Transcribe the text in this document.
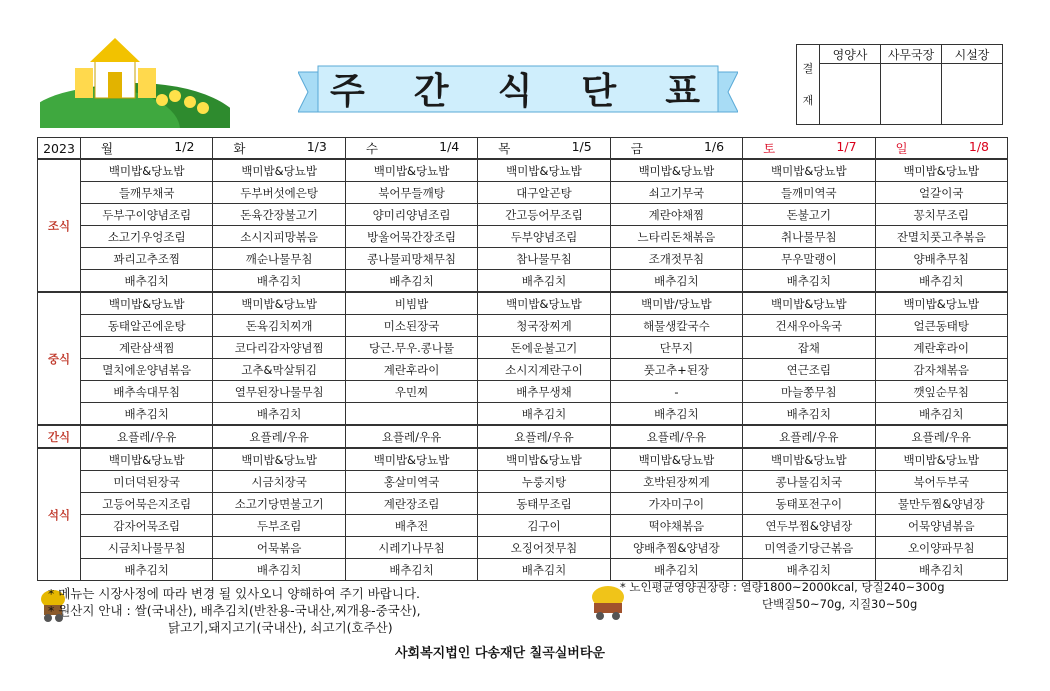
주 간 식 단 표
결
재	영양사	사무국장	시설장

2023	월 1/2	화 1/3	수 1/4	목 1/5	금 1/6	토 1/7	일 1/8

조식	백미밥&당뇨밥	백미밥&당뇨밥	백미밥&당뇨밥	백미밥&당뇨밥	백미밥&당뇨밥	백미밥&당뇨밥	백미밥&당뇨밥
	들깨무채국	두부버섯에은탕	북어무들깨탕	대구알곤탕	쇠고기무국	들깨미역국	얼갈이국
	두부구이양념조림	돈육간장불고기	양미리양념조림	간고등어무조림	계란야채찜	돈불고기	꽁치무조림
	소고기우엉조림	소시지피망볶음	방울어묵간장조림	두부양념조림	느타리돈채볶음	취나물무침	잔멸치풋고추볶음
	꽈리고추조찜	깨순나물무침	콩나물피망채무침	참나물무침	조개젓무침	무우말랭이	양배추무침
	배추김치	배추김치	배추김치	배추김치	배추김치	배추김치	배추김치
중식	백미밥&당뇨밥	백미밥&당뇨밥	비빔밥	백미밥&당뇨밥	백미밥/당뇨밥	백미밥&당뇨밥	백미밥&당뇨밥
	동태알곤에운탕	돈육김치찌개	미소된장국	청국장찌게	해물생칼국수	건새우아욱국	얼큰동태탕
	계란삼색찜	코다리감자양념찜	당근.무우.콩나물	돈에운불고기	단무지	잡채	계란후라이
	멸치에운양념볶음	고추&막살튀김	계란후라이	소시지계란구이	풋고추+된장	연근조림	감자채볶음
	배추속대무침	열무된장나물무침	우민찌	배추무생채	-	마늘쫑무침	깻잎순무침
	배추김치	배추김치		배추김치	배추김치	배추김치	배추김치
간식	요플레/우유	요플레/우유	요플레/우유	요플레/우유	요플레/우유	요플레/우유	요플레/우유
석식	백미밥&당뇨밥	백미밥&당뇨밥	백미밥&당뇨밥	백미밥&당뇨밥	백미밥&당뇨밥	백미밥&당뇨밥	백미밥&당뇨밥
	미더덕된장국	시금치장국	홍살미역국	누룽지탕	호박된장찌게	콩나물김치국	북어두부국
	고등어묵은지조림	소고기당면불고기	계란장조림	동태무조림	가자미구이	동태포전구이	물만두찜&양념장
	감자어묵조림	두부조림	배추전	김구이	떡야채볶음	연두부찜&양념장	어묵양념볶음
	시금치나물무침	어묵볶음	시레기나무침	오징어젓무침	양배추찜&양념장	미역줄기당근볶음	오이양파무침
	배추김치	배추김치	배추김치	배추김치	배추김치	배추김치	배추김치
* 메뉴는 시장사정에 따라 변경 될 있사오니 양해하여 주기 바랍니다.
* 원산지 안내 : 쌀(국내산), 배추김치(반찬용-국내산,찌개용-중국산),
닭고기,돼지고기(국내산), 쇠고기(호주산)
* 노인평균영양권장량 : 열량1800~2000kcal, 당질240~300g
단백질50~70g, 지질30~50g
사회복지법인 다송재단 칠곡실버타운
